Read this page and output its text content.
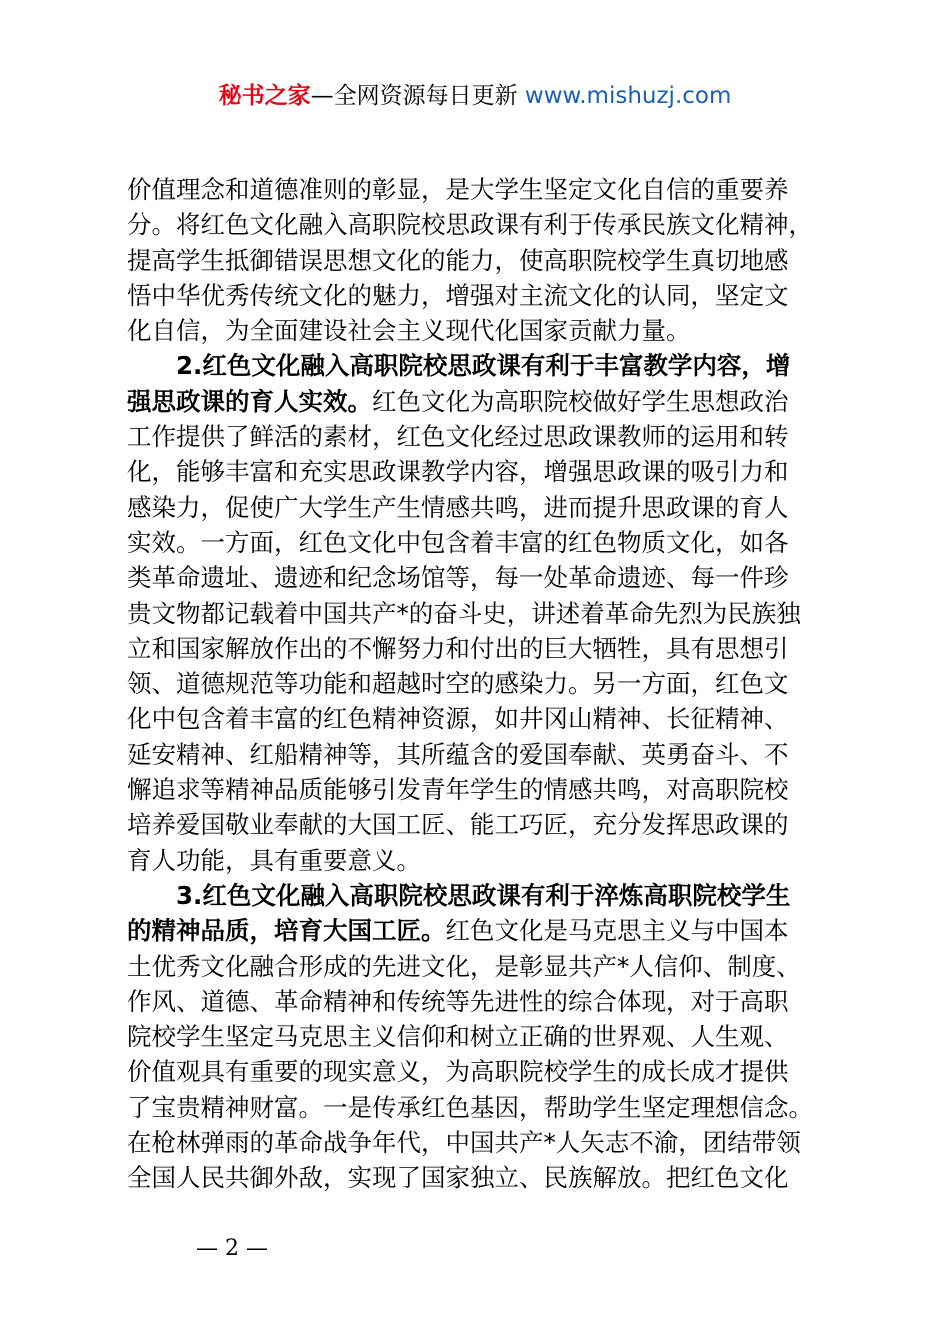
秘书之家—全网资源每日更新 www.mishuzj.com
价值理念和道德准则的彰显，是大学生坚定文化自信的重要养
分。将红色文化融入高职院校思政课有利于传承民族文化精神，
提高学生抵御错误思想文化的能力，使高职院校学生真切地感
悟中华优秀传统文化的魅力，增强对主流文化的认同，坚定文
化自信，为全面建设社会主义现代化国家贡献力量。
2.红色文化融入高职院校思政课有利于丰富教学内容，增
强思政课的育人实效。红色文化为高职院校做好学生思想政治
工作提供了鲜活的素材，红色文化经过思政课教师的运用和转
化，能够丰富和充实思政课教学内容，增强思政课的吸引力和
感染力，促使广大学生产生情感共鸣，进而提升思政课的育人
实效。一方面，红色文化中包含着丰富的红色物质文化，如各
类革命遗址、遗迹和纪念场馆等，每一处革命遗迹、每一件珍
贵文物都记载着中国共产*的奋斗史，讲述着革命先烈为民族独
立和国家解放作出的不懈努力和付出的巨大牺牲，具有思想引
领、道德规范等功能和超越时空的感染力。另一方面，红色文
化中包含着丰富的红色精神资源，如井冈山精神、长征精神、
延安精神、红船精神等，其所蕴含的爱国奉献、英勇奋斗、不
懈追求等精神品质能够引发青年学生的情感共鸣，对高职院校
培养爱国敬业奉献的大国工匠、能工巧匠，充分发挥思政课的
育人功能，具有重要意义。
3.红色文化融入高职院校思政课有利于淬炼高职院校学生
的精神品质，培育大国工匠。红色文化是马克思主义与中国本
土优秀文化融合形成的先进文化，是彰显共产*人信仰、制度、
作风、道德、革命精神和传统等先进性的综合体现，对于高职
院校学生坚定马克思主义信仰和树立正确的世界观、人生观、
价值观具有重要的现实意义，为高职院校学生的成长成才提供
了宝贵精神财富。一是传承红色基因，帮助学生坚定理想信念。
在枪林弹雨的革命战争年代，中国共产*人矢志不渝，团结带领
全国人民共御外敌，实现了国家独立、民族解放。把红色文化
— 2 —
